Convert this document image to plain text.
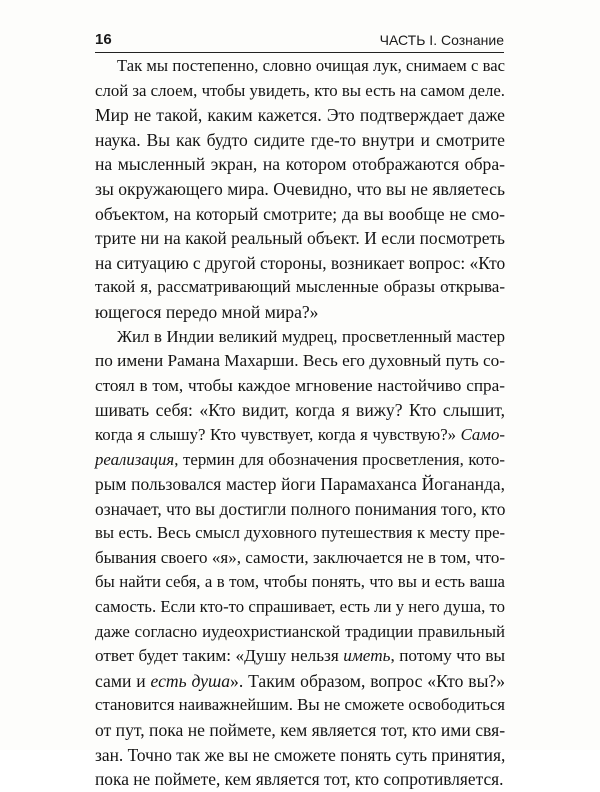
16	ЧАСТЬ I. Сознание
Так мы постепенно, словно очищая лук, снимаем с вас
слой за слоем, чтобы увидеть, кто вы есть на самом деле.
Мир не такой, каким кажется. Это подтверждает даже
наука. Вы как будто сидите где-то внутри и смотрите
на мысленный экран, на котором отображаются обра-
зы окружающего мира. Очевидно, что вы не являетесь
объектом, на который смотрите; да вы вообще не смо-
трите ни на какой реальный объект. И если посмотреть
на ситуацию с другой стороны, возникает вопрос: «Кто
такой я, рассматривающий мысленные образы открыва-
ющегося передо мной мира?»
Жил в Индии великий мудрец, просветленный мастер
по имени Рамана Махарши. Весь его духовный путь со-
стоял в том, чтобы каждое мгновение настойчиво спра-
шивать себя: «Кто видит, когда я вижу? Кто слышит,
когда я слышу? Кто чувствует, когда я чувствую?» Само-
реализация, термин для обозначения просветления, кото-
рым пользовался мастер йоги Парамаханса Йогананда,
означает, что вы достигли полного понимания того, кто
вы есть. Весь смысл духовного путешествия к месту пре-
бывания своего «я», самости, заключается не в том, что-
бы найти себя, а в том, чтобы понять, что вы и есть ваша
самость. Если кто-то спрашивает, есть ли у него душа, то
даже согласно иудеохристианской традиции правильный
ответ будет таким: «Душу нельзя иметь, потому что вы
сами и есть душа». Таким образом, вопрос «Кто вы?»
становится наиважнейшим. Вы не сможете освободиться
от пут, пока не поймете, кем является тот, кто ими свя-
зан. Точно так же вы не сможете понять суть принятия,
пока не поймете, кем является тот, кто сопротивляется.
